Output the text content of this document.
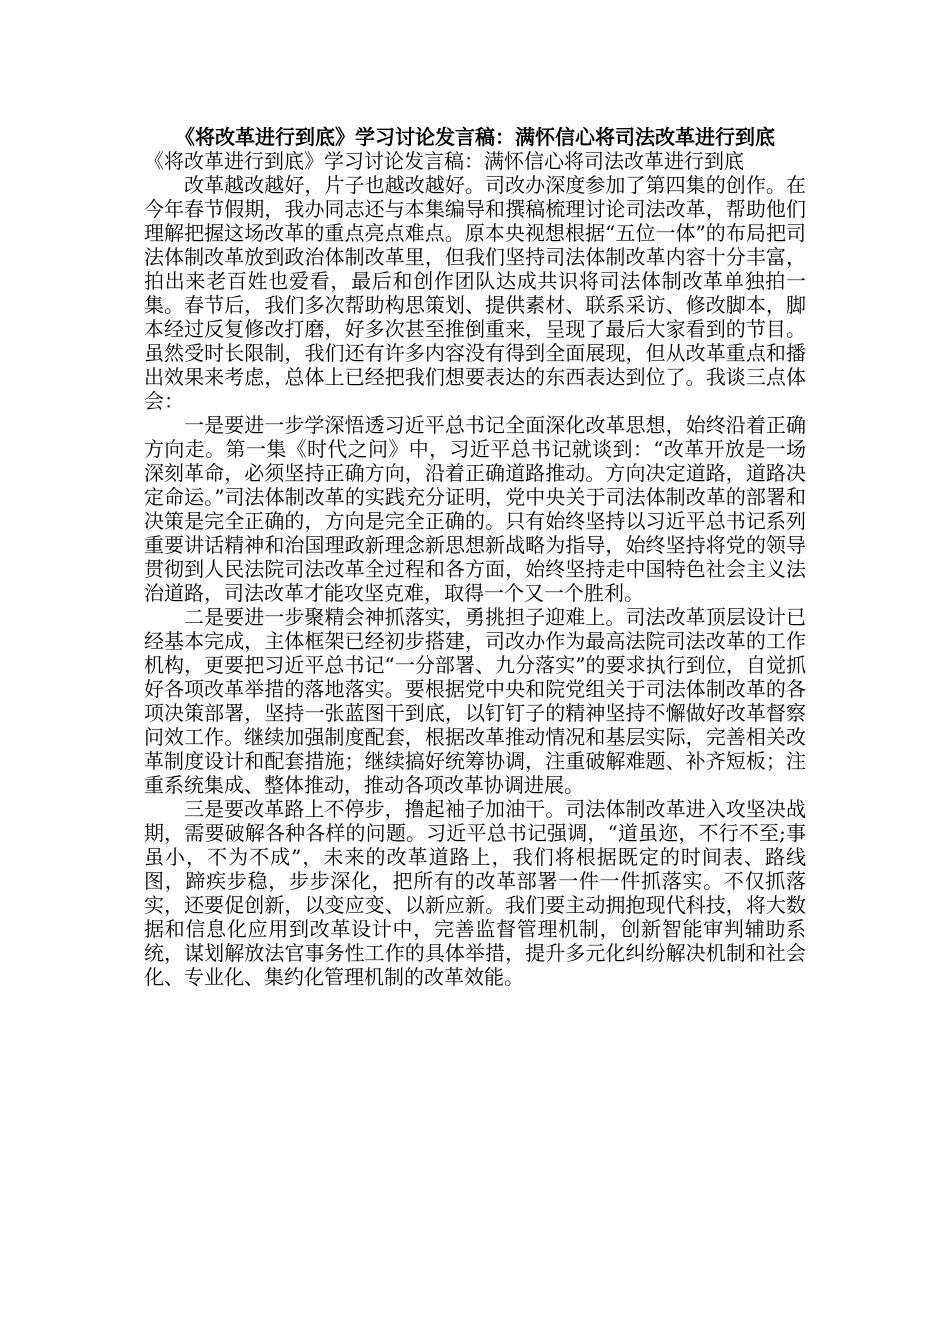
《将改革进行到底》学习讨论发言稿：满怀信心将司法改革进行到底

《将改革进行到底》学习讨论发言稿：满怀信心将司法改革进行到底

改革越改越好，片子也越改越好。司改办深度参加了第四集的创作。在今年春节假期，我办同志还与本集编导和撰稿梳理讨论司法改革，帮助他们理解把握这场改革的重点亮点难点。原本央视想根据“五位一体”的布局把司法体制改革放到政治体制改革里，但我们坚持司法体制改革内容十分丰富，拍出来老百姓也爱看，最后和创作团队达成共识将司法体制改革单独拍一集。春节后，我们多次帮助构思策划、提供素材、联系采访、修改脚本，脚本经过反复修改打磨，好多次甚至推倒重来，呈现了最后大家看到的节目。虽然受时长限制，我们还有许多内容没有得到全面展现，但从改革重点和播出效果来考虑，总体上已经把我们想要表达的东西表达到位了。我谈三点体会：

一是要进一步学深悟透习近平总书记全面深化改革思想，始终沿着正确方向走。第一集《时代之问》中，习近平总书记就谈到：“改革开放是一场深刻革命，必须坚持正确方向，沿着正确道路推动。方向决定道路，道路决定命运。”司法体制改革的实践充分证明，党中央关于司法体制改革的部署和决策是完全正确的，方向是完全正确的。只有始终坚持以习近平总书记系列重要讲话精神和治国理政新理念新思想新战略为指导，始终坚持将党的领导贯彻到人民法院司法改革全过程和各方面，始终坚持走中国特色社会主义法治道路，司法改革才能攻坚克难，取得一个又一个胜利。

二是要进一步聚精会神抓落实，勇挑担子迎难上。司法改革顶层设计已经基本完成，主体框架已经初步搭建，司改办作为最高法院司法改革的工作机构，更要把习近平总书记“一分部署、九分落实”的要求执行到位，自觉抓好各项改革举措的落地落实。要根据党中央和院党组关于司法体制改革的各项决策部署，坚持一张蓝图干到底，以钉钉子的精神坚持不懈做好改革督察问效工作。继续加强制度配套，根据改革推动情况和基层实际，完善相关改革制度设计和配套措施；继续搞好统筹协调，注重破解难题、补齐短板；注重系统集成、整体推动，推动各项改革协调进展。

三是要改革路上不停步，撸起袖子加油干。司法体制改革进入攻坚决战期，需要破解各种各样的问题。习近平总书记强调，“道虽迩，不行不至;事虽小，不为不成”，未来的改革道路上，我们将根据既定的时间表、路线图，蹄疾步稳，步步深化，把所有的改革部署一件一件抓落实。不仅抓落实，还要促创新，以变应变、以新应新。我们要主动拥抱现代科技，将大数据和信息化应用到改革设计中，完善监督管理机制，创新智能审判辅助系统，谋划解放法官事务性工作的具体举措，提升多元化纠纷解决机制和社会化、专业化、集约化管理机制的改革效能。
